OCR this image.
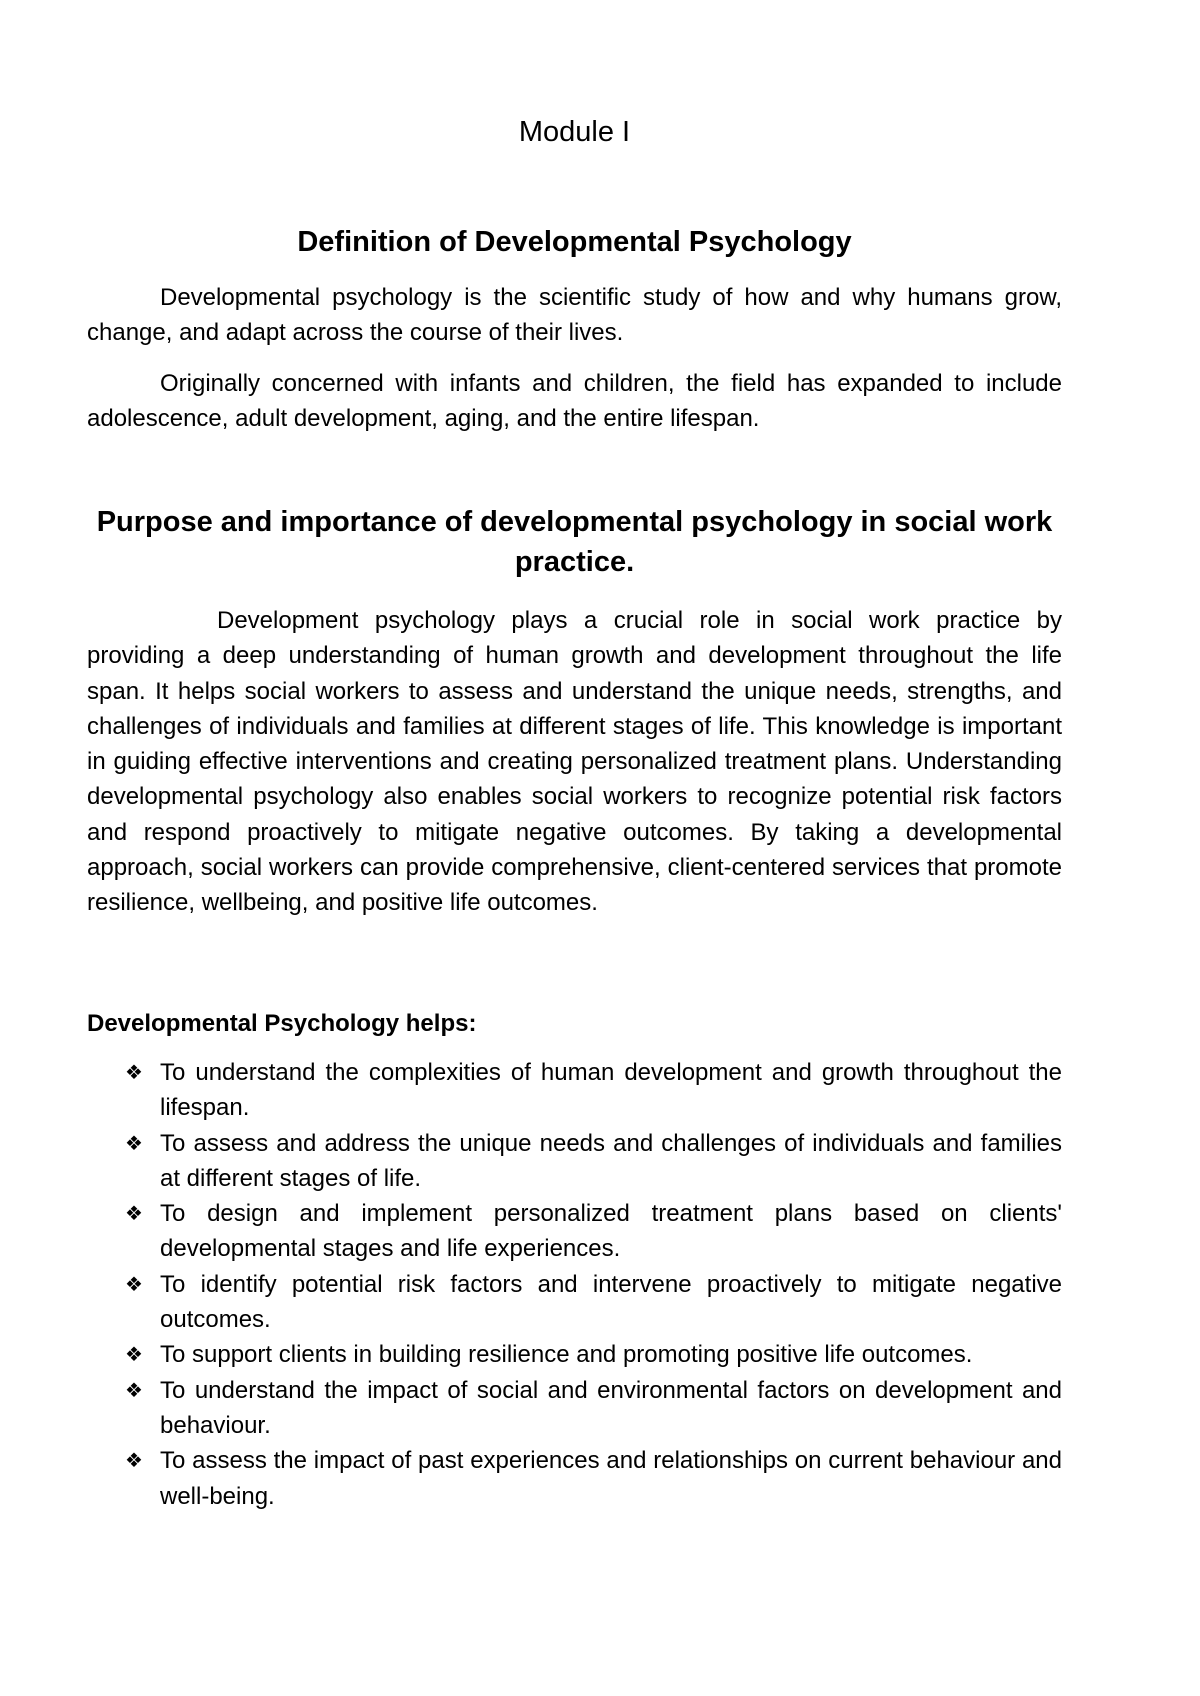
Module I
Definition of Developmental Psychology

Developmental psychology is the scientific study of how and why humans grow, change, and adapt across the course of their lives.

Originally concerned with infants and children, the field has expanded to include adolescence, adult development, aging, and the entire lifespan.

Purpose and importance of developmental psychology in social work practice.

Development psychology plays a crucial role in social work practice by providing a deep understanding of human growth and development throughout the life span. It helps social workers to assess and understand the unique needs, strengths, and challenges of individuals and families at different stages of life. This knowledge is important in guiding effective interventions and creating personalized treatment plans. Understanding developmental psychology also enables social workers to recognize potential risk factors and respond proactively to mitigate negative outcomes. By taking a developmental approach, social workers can provide comprehensive, client-centered services that promote resilience, wellbeing, and positive life outcomes.

Developmental Psychology helps:
❖ To understand the complexities of human development and growth throughout the lifespan.
❖ To assess and address the unique needs and challenges of individuals and families at different stages of life.
❖ To design and implement personalized treatment plans based on clients' developmental stages and life experiences.
❖ To identify potential risk factors and intervene proactively to mitigate negative outcomes.
❖ To support clients in building resilience and promoting positive life outcomes.
❖ To understand the impact of social and environmental factors on development and behaviour.
❖ To assess the impact of past experiences and relationships on current behaviour and well-being.
